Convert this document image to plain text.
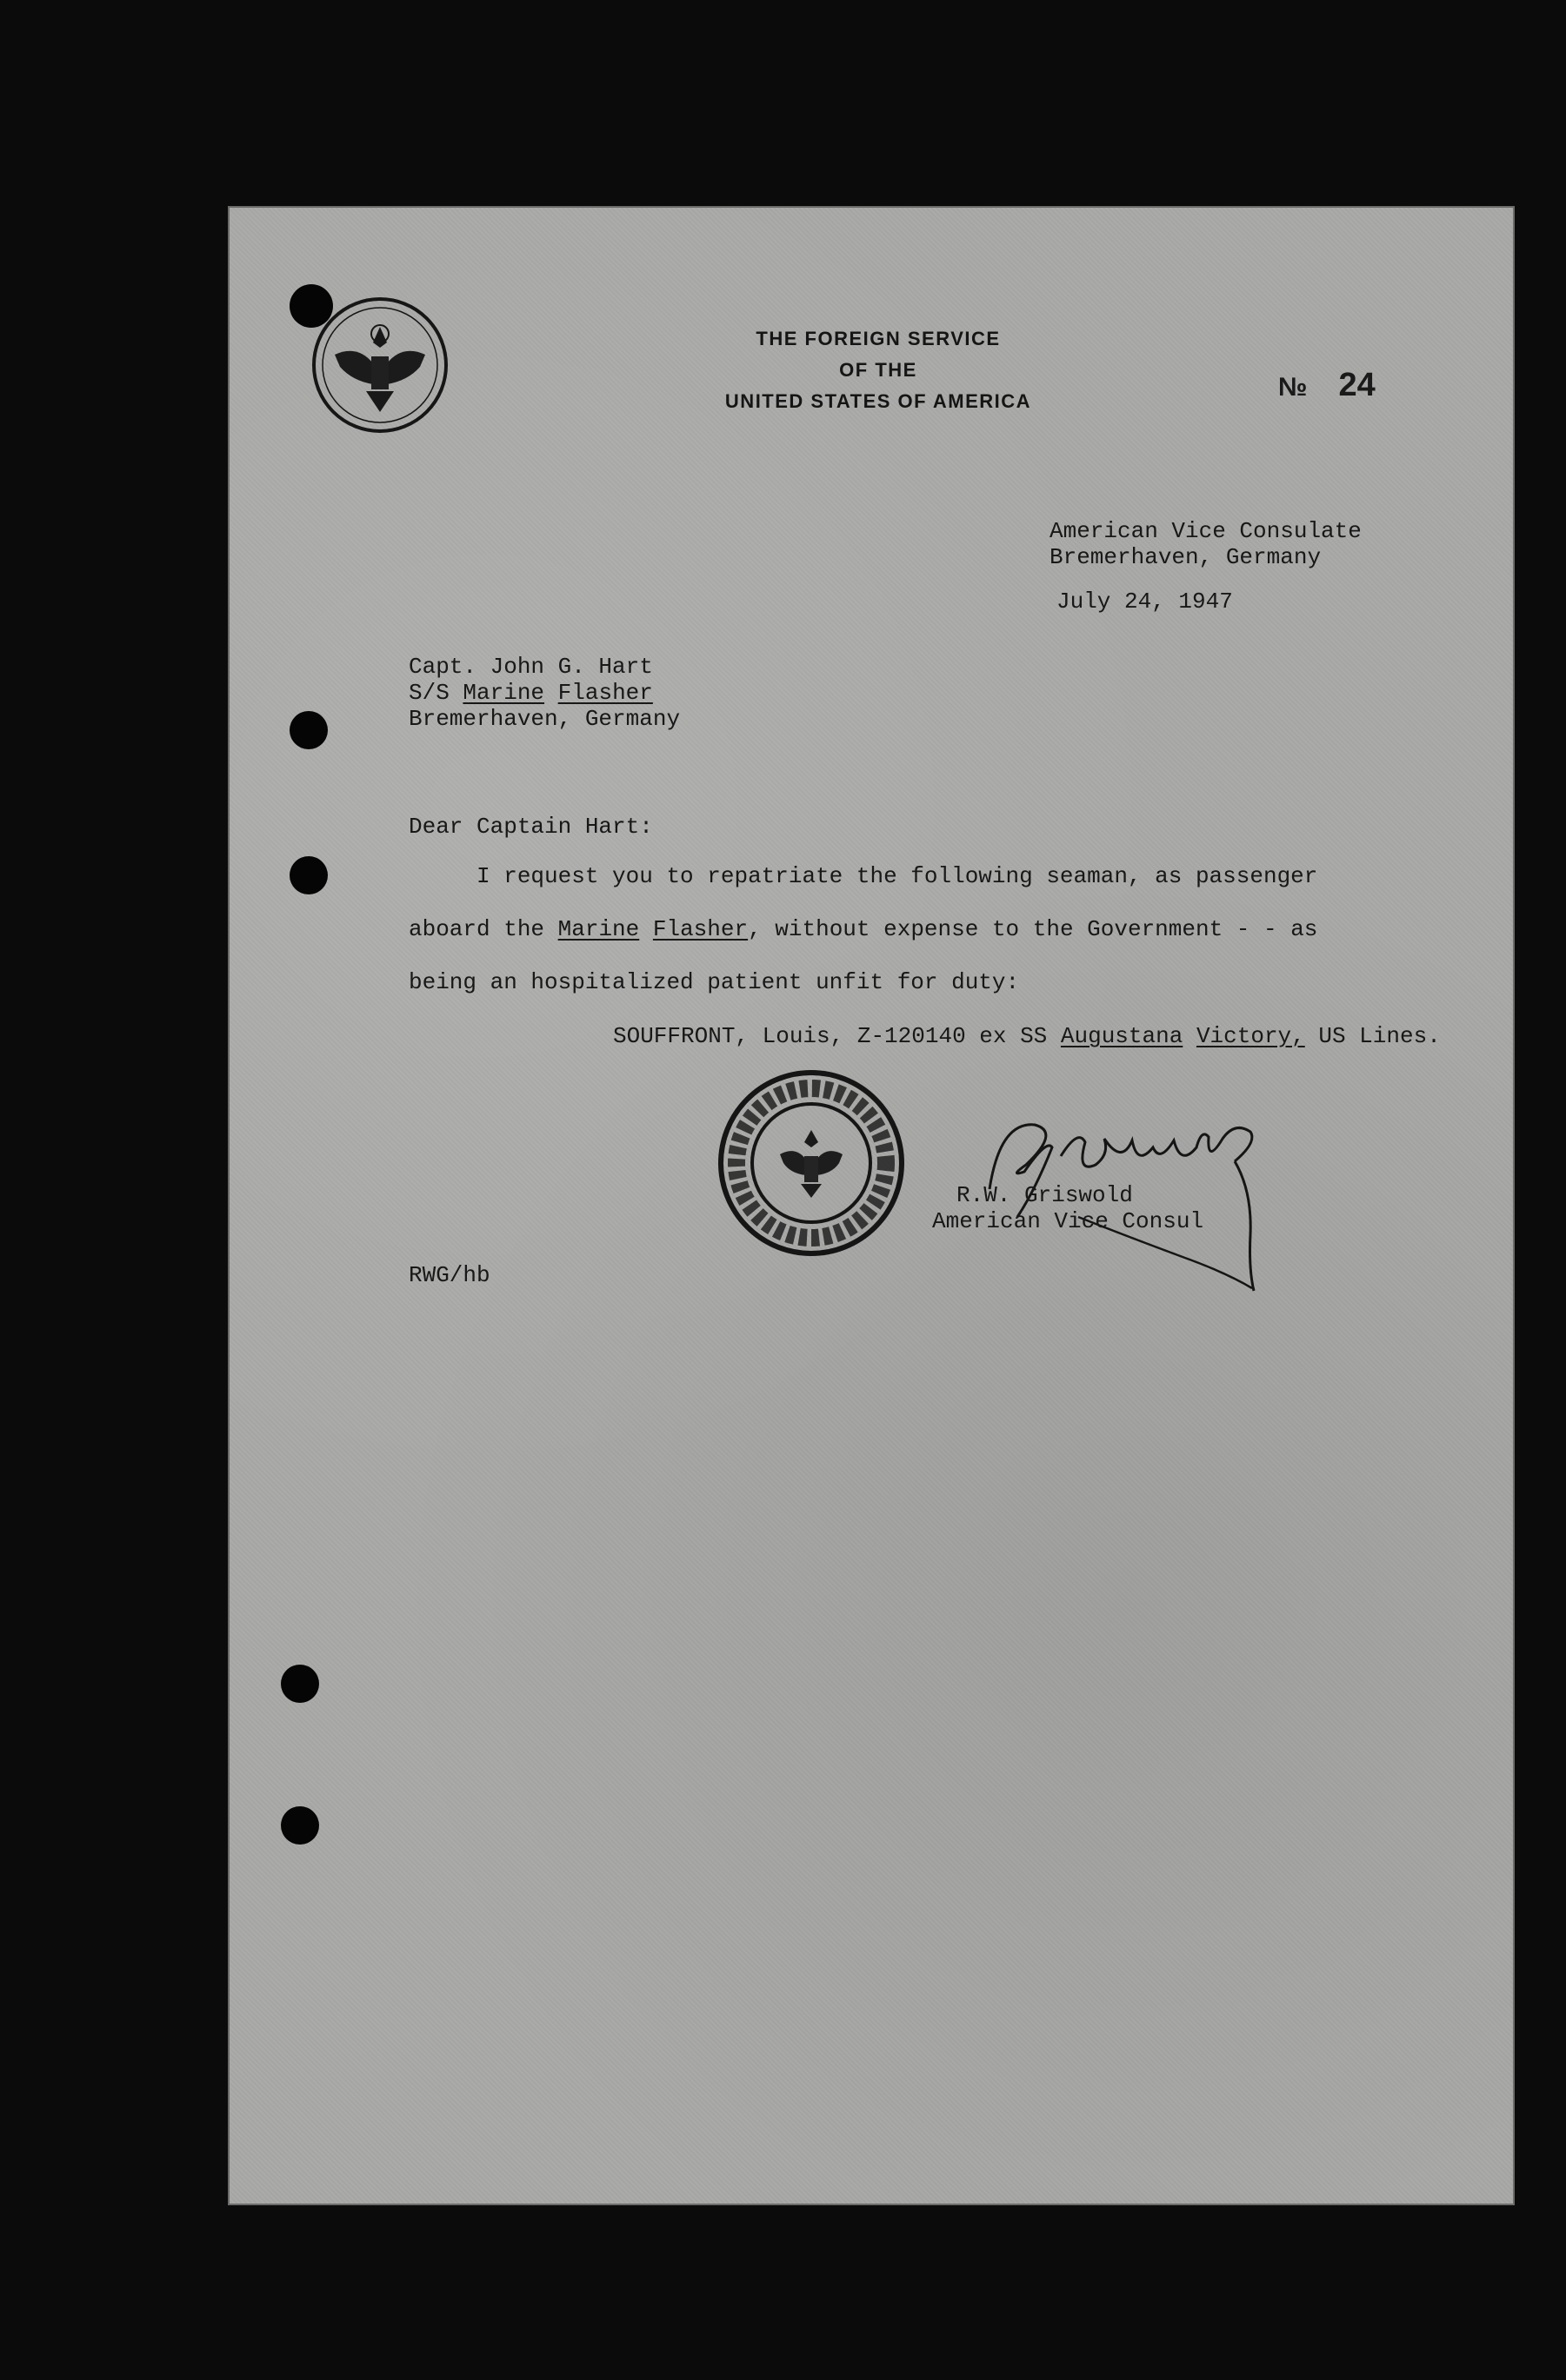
THE FOREIGN SERVICE
OF THE
UNITED STATES OF AMERICA	№ 24
American Vice Consulate
Bremerhaven, Germany
July 24, 1947
Capt. John G. Hart
S/S Marine Flasher
Bremerhaven, Germany
Dear Captain Hart:
I request you to repatriate the following seaman, as passenger
aboard the Marine Flasher, without expense to the Government - - as
being an hospitalized patient unfit for duty:
SOUFFRONT, Louis, Z-120140 ex SS Augustana Victory, US Lines.
R.W. Griswold
American Vice Consul
RWG/hb
